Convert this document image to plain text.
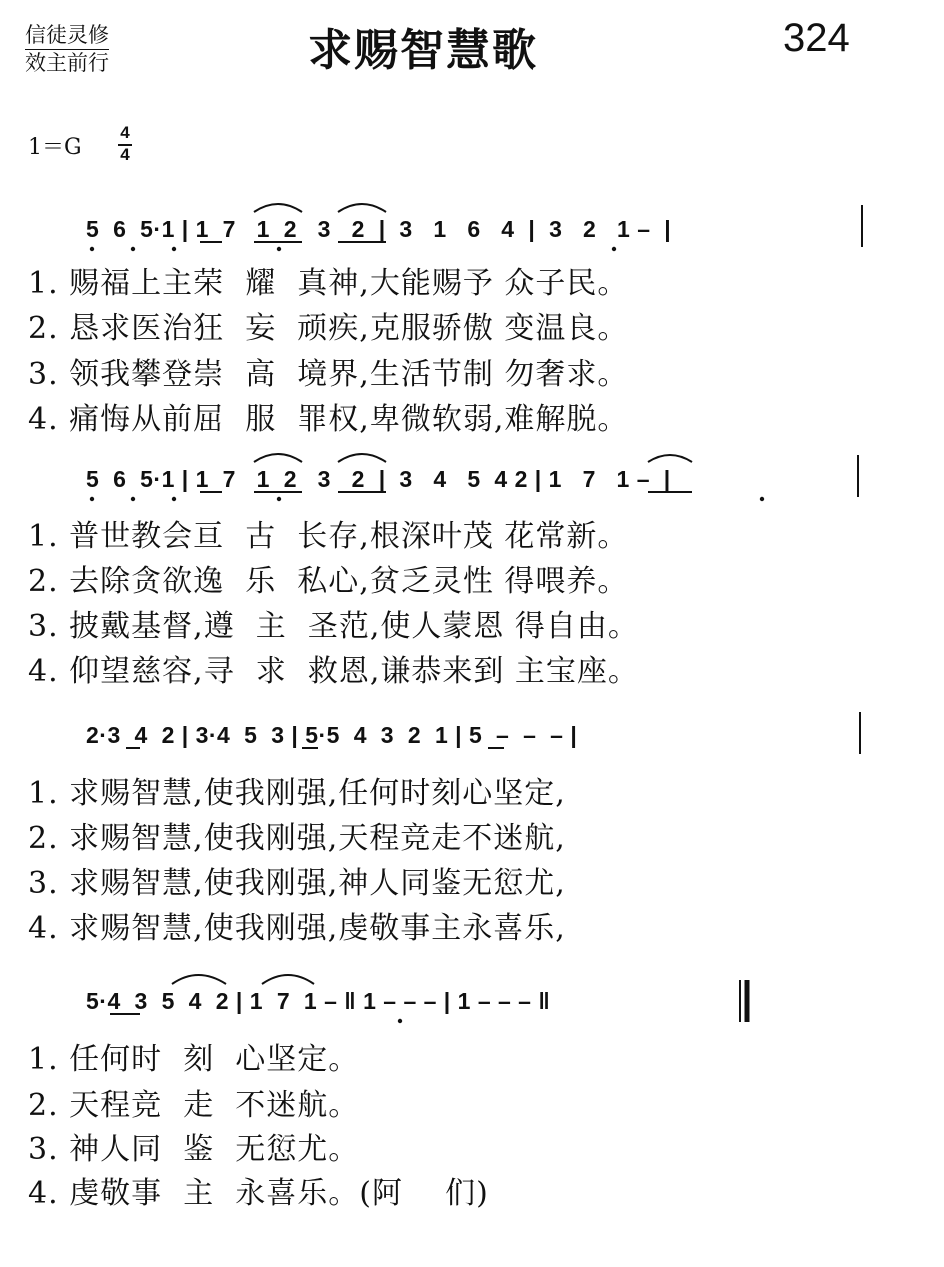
信徒灵修
效主前行	求赐智慧歌	324
1＝G
4
4
5  6  5·1 | 1  7   1  2   3   2  |  3   1   6   4  |  3   2   1 –  |
1. 赐福上主荣  耀  真神,大能赐予 众子民。
2. 恳求医治狂  妄  顽疾,克服骄傲 变温良。
3. 领我攀登崇  高  境界,生活节制 勿奢求。
4. 痛悔从前屈  服  罪权,卑微软弱,难解脱。
5  6  5·1 | 1  7   1  2   3   2  |  3   4   5  4 2 | 1   7   1 –  |
1. 普世教会亘  古  长存,根深叶茂 花常新。
2. 去除贪欲逸  乐  私心,贫乏灵性 得喂养。
3. 披戴基督,遵  主  圣范,使人蒙恩 得自由。
4. 仰望慈容,寻  求  救恩,谦恭来到 主宝座。
2·3  4  2 | 3·4  5  3 | 5·5  4  3  2  1 | 5  –  –  – |
1. 求赐智慧,使我刚强,任何时刻心坚定,
2. 求赐智慧,使我刚强,天程竞走不迷航,
3. 求赐智慧,使我刚强,神人同鉴无愆尤,
4. 求赐智慧,使我刚强,虔敬事主永喜乐,
5·4  3  5  4  2 | 1  7  1 – ‖ 1 – – – | 1 – – – ‖
1. 任何时  刻  心坚定。
2. 天程竞  走  不迷航。
3. 神人同  鉴  无愆尤。
4. 虔敬事  主  永喜乐。(阿    们)
